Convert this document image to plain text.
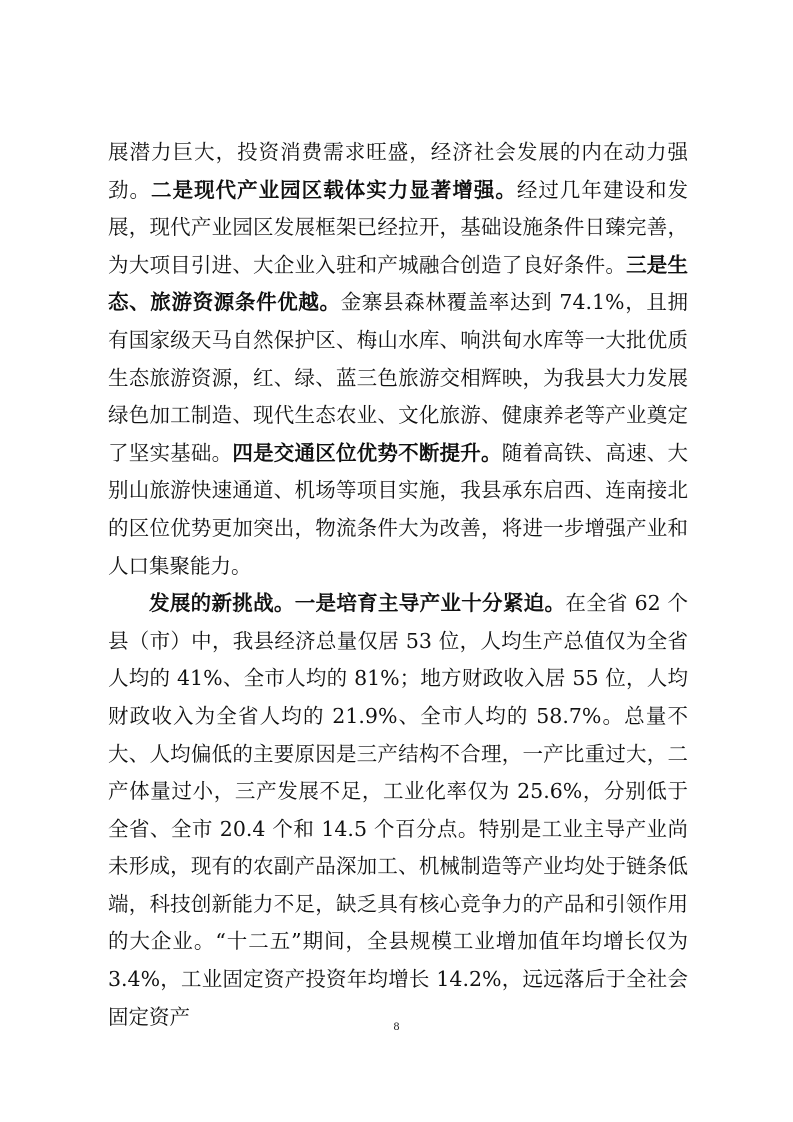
展潜力巨大，投资消费需求旺盛，经济社会发展的内在动力强劲。二是现代产业园区载体实力显著增强。经过几年建设和发展，现代产业园区发展框架已经拉开，基础设施条件日臻完善，为大项目引进、大企业入驻和产城融合创造了良好条件。三是生态、旅游资源条件优越。金寨县森林覆盖率达到 74.1%，且拥有国家级天马自然保护区、梅山水库、响洪甸水库等一大批优质生态旅游资源，红、绿、蓝三色旅游交相辉映，为我县大力发展绿色加工制造、现代生态农业、文化旅游、健康养老等产业奠定了坚实基础。四是交通区位优势不断提升。随着高铁、高速、大别山旅游快速通道、机场等项目实施，我县承东启西、连南接北的区位优势更加突出，物流条件大为改善，将进一步增强产业和人口集聚能力。

发展的新挑战。一是培育主导产业十分紧迫。在全省 62 个县（市）中，我县经济总量仅居 53 位，人均生产总值仅为全省人均的 41%、全市人均的 81%；地方财政收入居 55 位，人均财政收入为全省人均的 21.9%、全市人均的 58.7%。总量不大、人均偏低的主要原因是三产结构不合理，一产比重过大，二产体量过小，三产发展不足，工业化率仅为 25.6%，分别低于全省、全市 20.4 个和 14.5 个百分点。特别是工业主导产业尚未形成，现有的农副产品深加工、机械制造等产业均处于链条低端，科技创新能力不足，缺乏具有核心竞争力的产品和引领作用的大企业。“十二五”期间，全县规模工业增加值年均增长仅为 3.4%，工业固定资产投资年均增长 14.2%，远远落后于全社会固定资产	8
